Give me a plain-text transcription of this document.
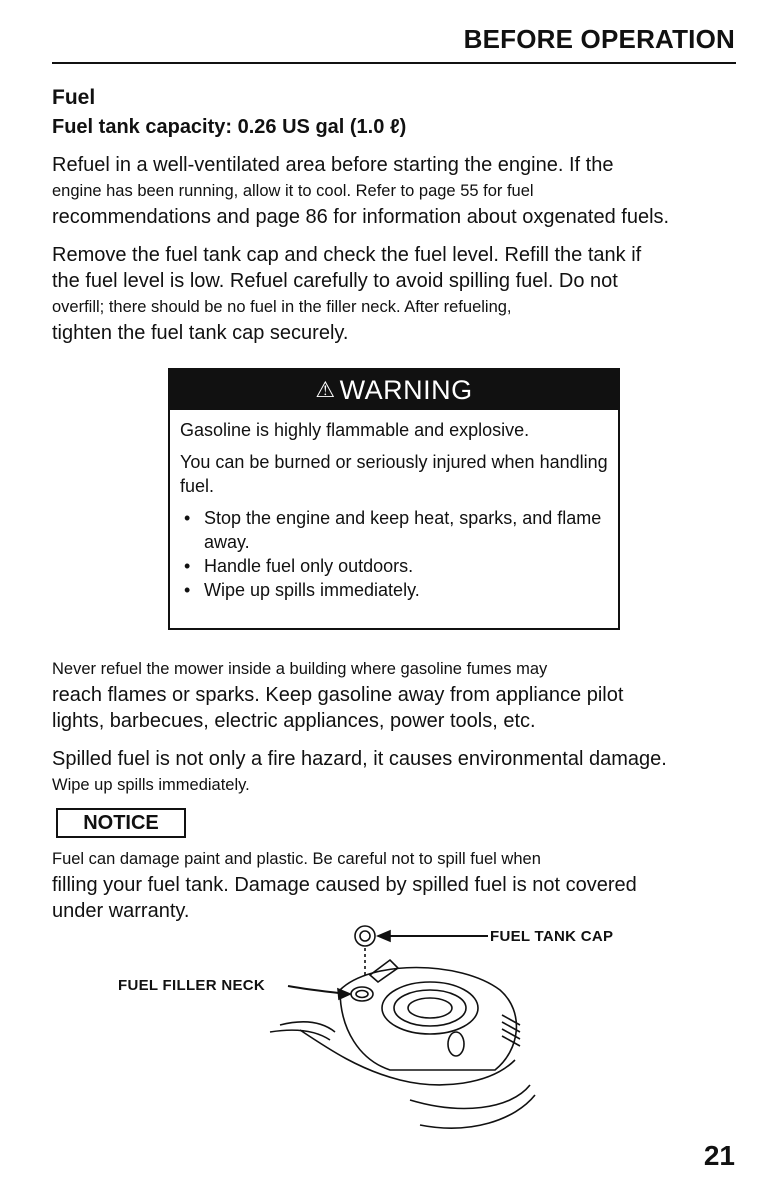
BEFORE OPERATION
Fuel
Fuel tank capacity: 0.26 US gal (1.0 ℓ)
Refuel in a well-ventilated area before starting the engine. If the
engine has been running, allow it to cool. Refer to page 55 for fuel
recommendations and page 86 for information about oxgenated fuels.
Remove the fuel tank cap and check the fuel level. Refill the tank if
the fuel level is low. Refuel carefully to avoid spilling fuel. Do not
overfill; there should be no fuel in the filler neck. After refueling,
tighten the fuel tank cap securely.
⚠ WARNING
Gasoline is highly flammable and explosive.
You can be burned or seriously injured when handling fuel.
• Stop the engine and keep heat, sparks, and flame away.
• Handle fuel only outdoors.
• Wipe up spills immediately.
Never refuel the mower inside a building where gasoline fumes may
reach flames or sparks. Keep gasoline away from appliance pilot
lights, barbecues, electric appliances, power tools, etc.
Spilled fuel is not only a fire hazard, it causes environmental damage.
Wipe up spills immediately.
NOTICE
Fuel can damage paint and plastic. Be careful not to spill fuel when
filling your fuel tank. Damage caused by spilled fuel is not covered
under warranty.
FUEL TANK CAP
FUEL FILLER NECK
21
